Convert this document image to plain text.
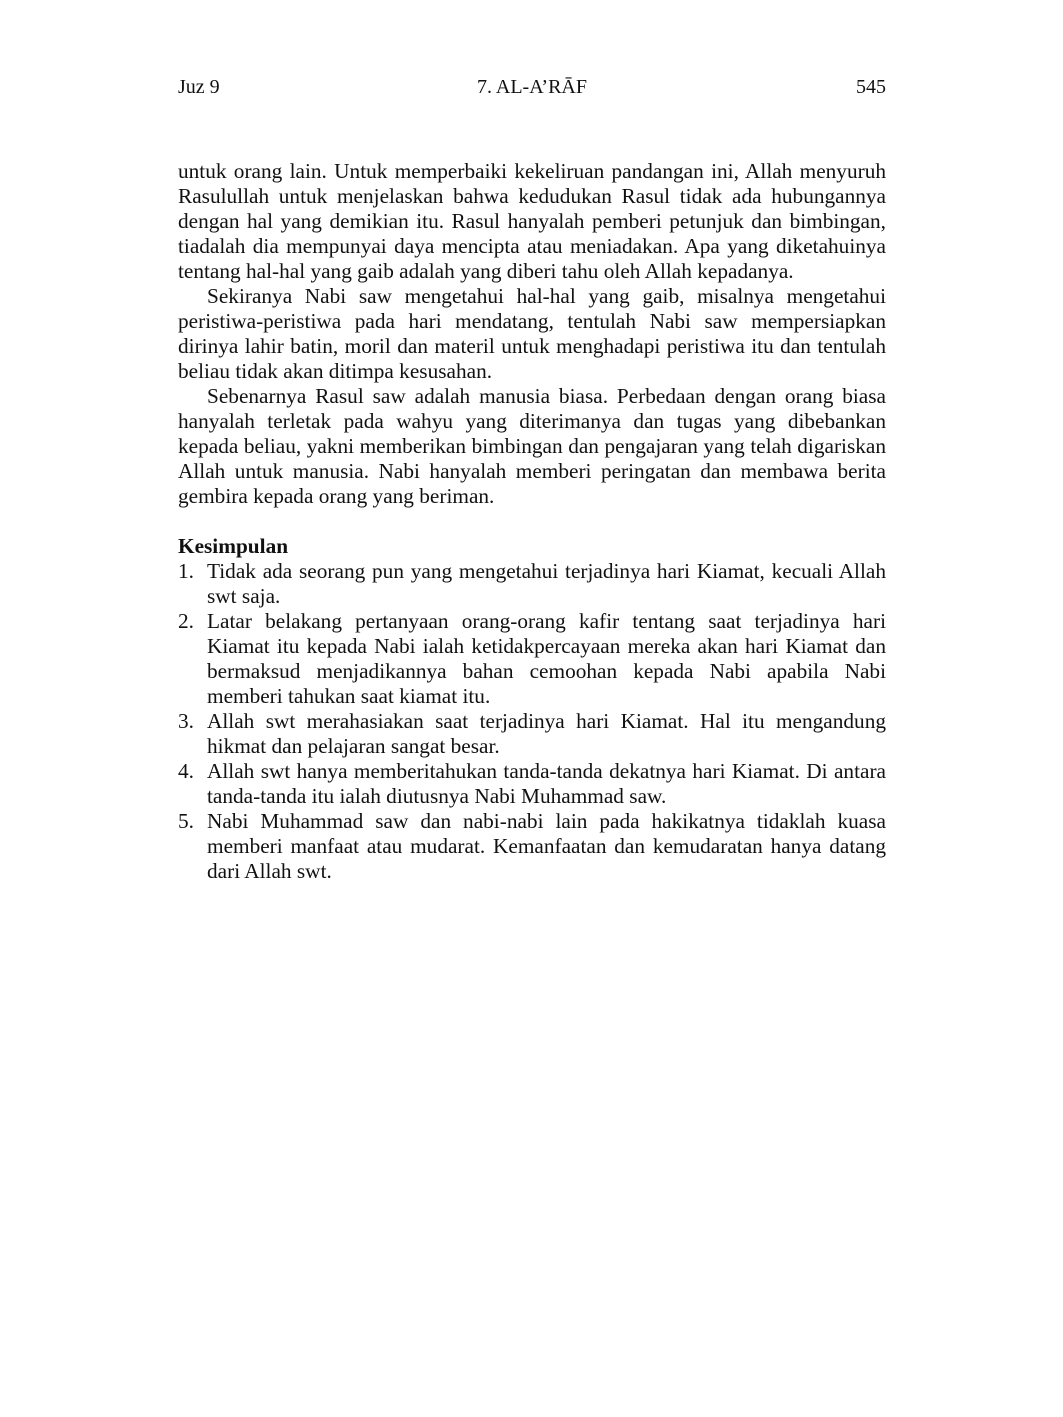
Juz 9	7. AL-A’RĀF	545

untuk orang lain. Untuk memperbaiki kekeliruan pandangan ini, Allah menyuruh Rasulullah untuk menjelaskan bahwa kedudukan Rasul tidak ada hubungannya dengan hal yang demikian itu. Rasul hanyalah pemberi petunjuk dan bimbingan, tiadalah dia mempunyai daya mencipta atau meniadakan. Apa yang diketahuinya tentang hal-hal yang gaib adalah yang diberi tahu oleh Allah kepadanya.

Sekiranya Nabi saw mengetahui hal-hal yang gaib, misalnya mengetahui peristiwa-peristiwa pada hari mendatang, tentulah Nabi saw mempersiapkan dirinya lahir batin, moril dan materil untuk menghadapi peristiwa itu dan tentulah beliau tidak akan ditimpa kesusahan.

Sebenarnya Rasul saw adalah manusia biasa. Perbedaan dengan orang biasa hanyalah terletak pada wahyu yang diterimanya dan tugas yang dibebankan kepada beliau, yakni memberikan bimbingan dan pengajaran yang telah digariskan Allah untuk manusia. Nabi hanyalah memberi peringatan dan membawa berita gembira kepada orang yang beriman.

Kesimpulan
1. Tidak ada seorang pun yang mengetahui terjadinya hari Kiamat, kecuali Allah swt saja.
2. Latar belakang pertanyaan orang-orang kafir tentang saat terjadinya hari Kiamat itu kepada Nabi ialah ketidakpercayaan mereka akan hari Kiamat dan bermaksud menjadikannya bahan cemoohan kepada Nabi apabila Nabi memberi tahukan saat kiamat itu.
3. Allah swt merahasiakan saat terjadinya hari Kiamat. Hal itu mengandung hikmat dan pelajaran sangat besar.
4. Allah swt hanya memberitahukan tanda-tanda dekatnya hari Kiamat. Di antara tanda-tanda itu ialah diutusnya Nabi Muhammad saw.
5. Nabi Muhammad saw dan nabi-nabi lain pada hakikatnya tidaklah kuasa memberi manfaat atau mudarat. Kemanfaatan dan kemudaratan hanya datang dari Allah swt.
